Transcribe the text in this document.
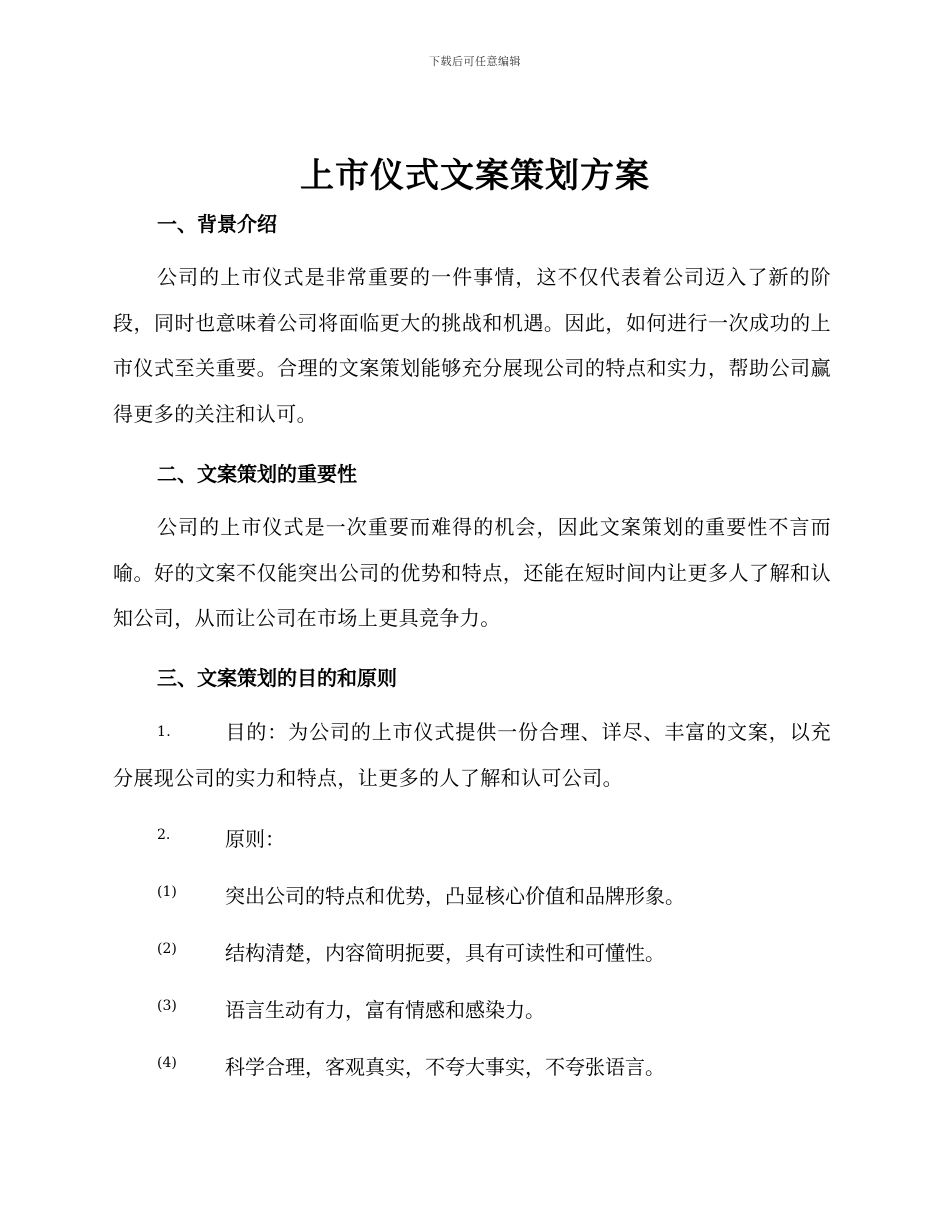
下载后可任意编辑
上市仪式文案策划方案
一、背景介绍
公司的上市仪式是非常重要的一件事情，这不仅代表着公司迈入了新的阶段，同时也意味着公司将面临更大的挑战和机遇。因此，如何进行一次成功的上市仪式至关重要。合理的文案策划能够充分展现公司的特点和实力，帮助公司赢得更多的关注和认可。
二、文案策划的重要性
公司的上市仪式是一次重要而难得的机会，因此文案策划的重要性不言而喻。好的文案不仅能突出公司的优势和特点，还能在短时间内让更多人了解和认知公司，从而让公司在市场上更具竞争力。
三、文案策划的目的和原则
1.	目的：为公司的上市仪式提供一份合理、详尽、丰富的文案，以充分展现公司的实力和特点，让更多的人了解和认可公司。
2.	原则：
(1) 突出公司的特点和优势，凸显核心价值和品牌形象。
(2) 结构清楚，内容简明扼要，具有可读性和可懂性。
(3) 语言生动有力，富有情感和感染力。
(4) 科学合理，客观真实，不夸大事实，不夸张语言。
